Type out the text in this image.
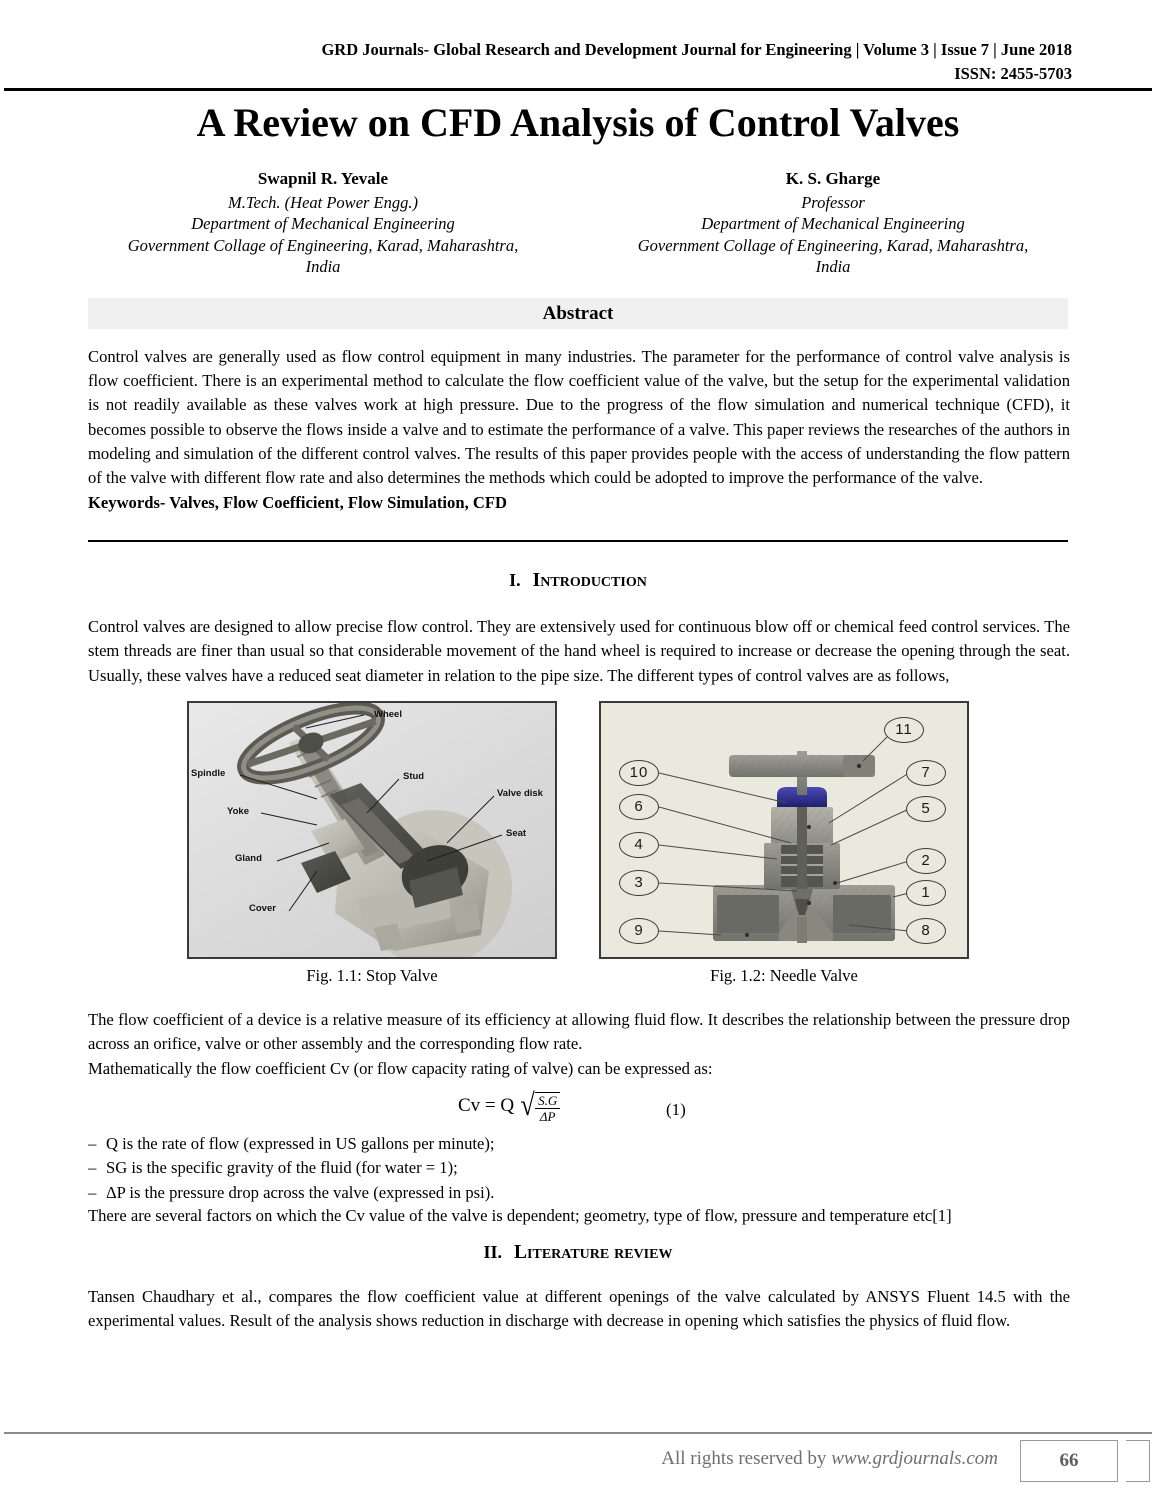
GRD Journals- Global Research and Development Journal for Engineering | Volume 3 | Issue 7 | June 2018
ISSN: 2455-5703
A Review on CFD Analysis of Control Valves
Swapnil R. Yevale
M.Tech. (Heat Power Engg.)
Department of Mechanical Engineering
Government Collage of Engineering, Karad, Maharashtra,
India
K. S. Gharge
Professor
Department of Mechanical Engineering
Government Collage of Engineering, Karad, Maharashtra,
India
Abstract
Control valves are generally used as flow control equipment in many industries. The parameter for the performance of control valve analysis is flow coefficient. There is an experimental method to calculate the flow coefficient value of the valve, but the setup for the experimental validation is not readily available as these valves work at high pressure. Due to the progress of the flow simulation and numerical technique (CFD), it becomes possible to observe the flows inside a valve and to estimate the performance of a valve. This paper reviews the researches of the authors in modeling and simulation of the different control valves. The results of this paper provides people with the access of understanding the flow pattern of the valve with different flow rate and also determines the methods which could be adopted to improve the performance of the valve.
Keywords- Valves, Flow Coefficient, Flow Simulation, CFD
I. Introduction
Control valves are designed to allow precise flow control. They are extensively used for continuous blow off or chemical feed control services. The stem threads are finer than usual so that considerable movement of the hand wheel is required to increase or decrease the opening through the seat. Usually, these valves have a reduced seat diameter in relation to the pipe size. The different types of control valves are as follows,
Wheel
Spindle	Stud
Valve disk
Yoke
Seat
Gland
Cover
Fig. 1.1: Stop Valve
11
10	7
6	5
4
2
3
1
9	8
Fig. 1.2: Needle Valve
The flow coefficient of a device is a relative measure of its efficiency at allowing fluid flow. It describes the relationship between the pressure drop across an orifice, valve or other assembly and the corresponding flow rate.
Mathematically the flow coefficient Cv (or flow capacity rating of valve) can be expressed as:
Cv = Q √ $\frac{S.G}{\Delta P}$	(1)
– Q is the rate of flow (expressed in US gallons per minute);
– SG is the specific gravity of the fluid (for water = 1);
– ΔP is the pressure drop across the valve (expressed in psi).
There are several factors on which the Cv value of the valve is dependent; geometry, type of flow, pressure and temperature etc[1]
II. Literature review
Tansen Chaudhary et al., compares the flow coefficient value at different openings of the valve calculated by ANSYS Fluent 14.5 with the experimental values. Result of the analysis shows reduction in discharge with decrease in opening which satisfies the physics of fluid flow.
All rights reserved by www.grdjournals.com	66
